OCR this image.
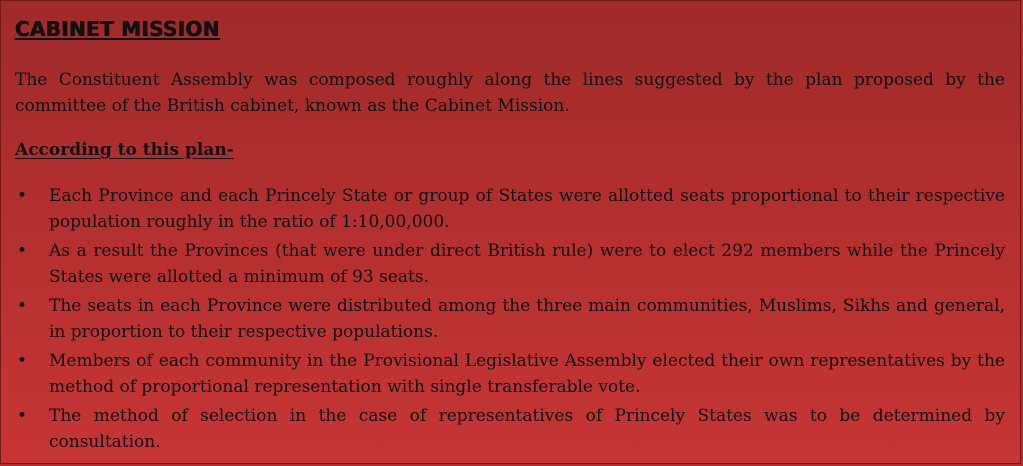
CABINET MISSION

The Constituent Assembly was composed roughly along the lines suggested by the plan proposed by the committee of the British cabinet, known as the Cabinet Mission.

According to this plan-

•	Each Province and each Princely State or group of States were allotted seats proportional to their respective population roughly in the ratio of 1:10,00,000.
•	As a result the Provinces (that were under direct British rule) were to elect 292 members while the Princely States were allotted a minimum of 93 seats.
•	The seats in each Province were distributed among the three main communities, Muslims, Sikhs and general, in proportion to their respective populations.
•	Members of each community in the Provisional Legislative Assembly elected their own representatives by the method of proportional representation with single transferable vote.
•	The method of selection in the case of representatives of Princely States was to be determined by consultation.
